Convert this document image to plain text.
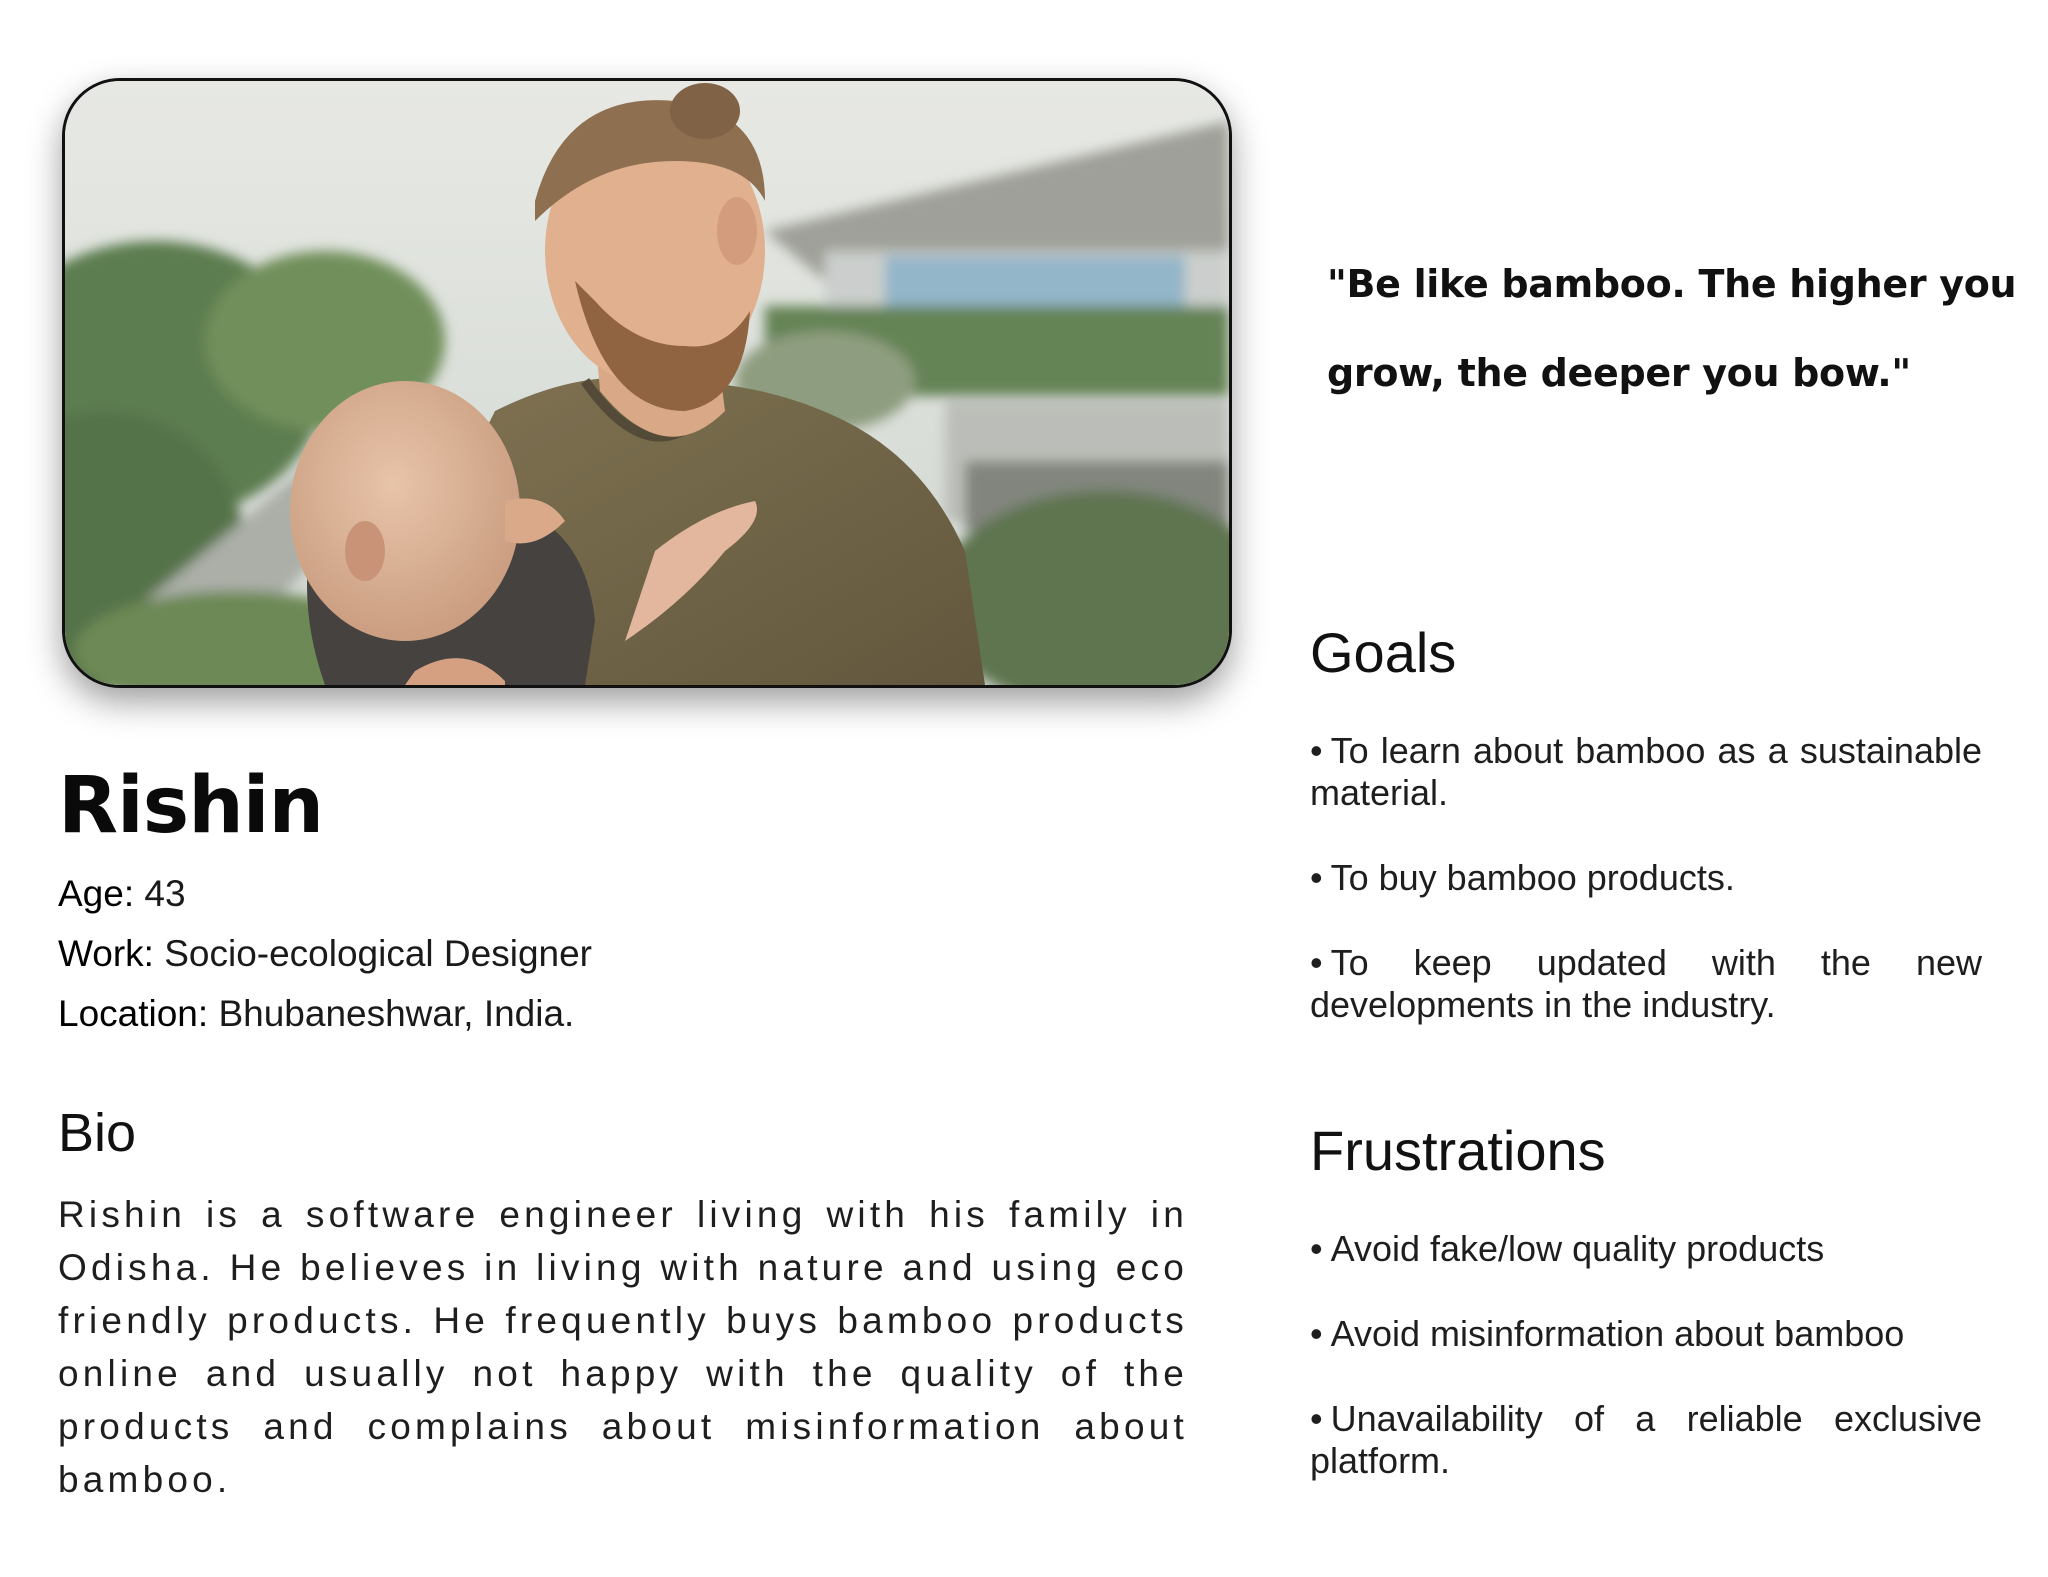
"Be like bamboo. The higher you grow, the deeper you bow."
Rishin
Age: 43
Work: Socio-ecological Designer
Location: Bhubaneshwar, India.
Bio

Rishin is a software engineer living with his family in Odisha. He believes in living with nature and using eco friendly products. He frequently buys bamboo products online and usually not happy with the quality of the products and complains about misinformation about bamboo.

Goals
• To learn about bamboo as a sustainable material.
• To buy bamboo products.
• To keep updated with the new developments in the industry.
Frustrations
• Avoid fake/low quality products
• Avoid misinformation about bamboo
• Unavailability of a reliable exclusive platform.
